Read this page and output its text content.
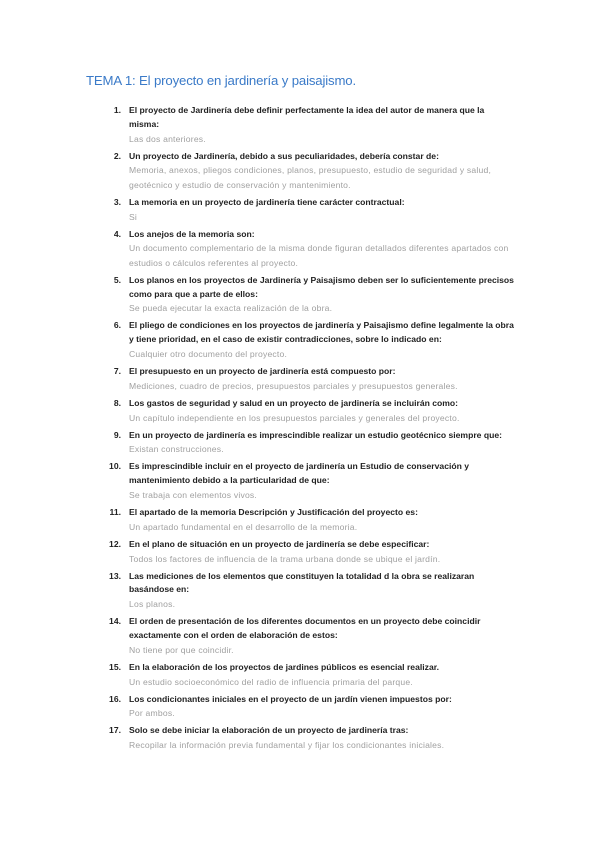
TEMA 1: El proyecto en jardinería y paisajismo.
1. El proyecto de Jardinería debe definir perfectamente la idea del autor de manera que la misma:
Las dos anteriores.
2. Un proyecto de Jardinería, debido a sus peculiaridades, debería constar de:
Memoria, anexos, pliegos condiciones, planos, presupuesto, estudio de seguridad y salud, geotécnico y estudio de conservación y mantenimiento.
3. La memoria en un proyecto de jardinería tiene carácter contractual:
Si
4. Los anejos de la memoria son:
Un documento complementario de la misma donde figuran detallados diferentes apartados con estudios o cálculos referentes al proyecto.
5. Los planos en los proyectos de Jardinería y Paisajismo deben ser lo suficientemente precisos como para que a parte de ellos:
Se pueda ejecutar la exacta realización de la obra.
6. El pliego de condiciones en los proyectos de jardinería y Paisajismo define legalmente la obra y tiene prioridad, en el caso de existir contradicciones, sobre lo indicado en:
Cualquier otro documento del proyecto.
7. El presupuesto en un proyecto de jardinería está compuesto por:
Mediciones, cuadro de precios, presupuestos parciales y presupuestos generales.
8. Los gastos de seguridad y salud en un proyecto de jardinería se incluirán como:
Un capítulo independiente en los presupuestos parciales y generales del proyecto.
9. En un proyecto de jardinería es imprescindible realizar un estudio geotécnico siempre que:
Existan construcciones.
10. Es imprescindible incluir en el proyecto de jardinería un Estudio de conservación y mantenimiento debido a la particularidad de que:
Se trabaja con elementos vivos.
11. El apartado de la memoria Descripción y Justificación del proyecto es:
Un apartado fundamental en el desarrollo de la memoria.
12. En el plano de situación en un proyecto de jardinería se debe especificar:
Todos los factores de influencia de la trama urbana donde se ubique el jardín.
13. Las mediciones de los elementos que constituyen la totalidad d la obra se realizaran basándose en:
Los planos.
14. El orden de presentación de los diferentes documentos en un proyecto debe coincidir exactamente con el orden de elaboración de estos:
No tiene por que coincidir.
15. En la elaboración de los proyectos de jardines públicos es esencial realizar.
Un estudio socioeconómico del radio de influencia primaria del parque.
16. Los condicionantes iniciales en el proyecto de un jardín vienen impuestos por:
Por ambos.
17. Solo se debe iniciar la elaboración de un proyecto de jardinería tras:
Recopilar la información previa fundamental y fijar los condicionantes iniciales.
